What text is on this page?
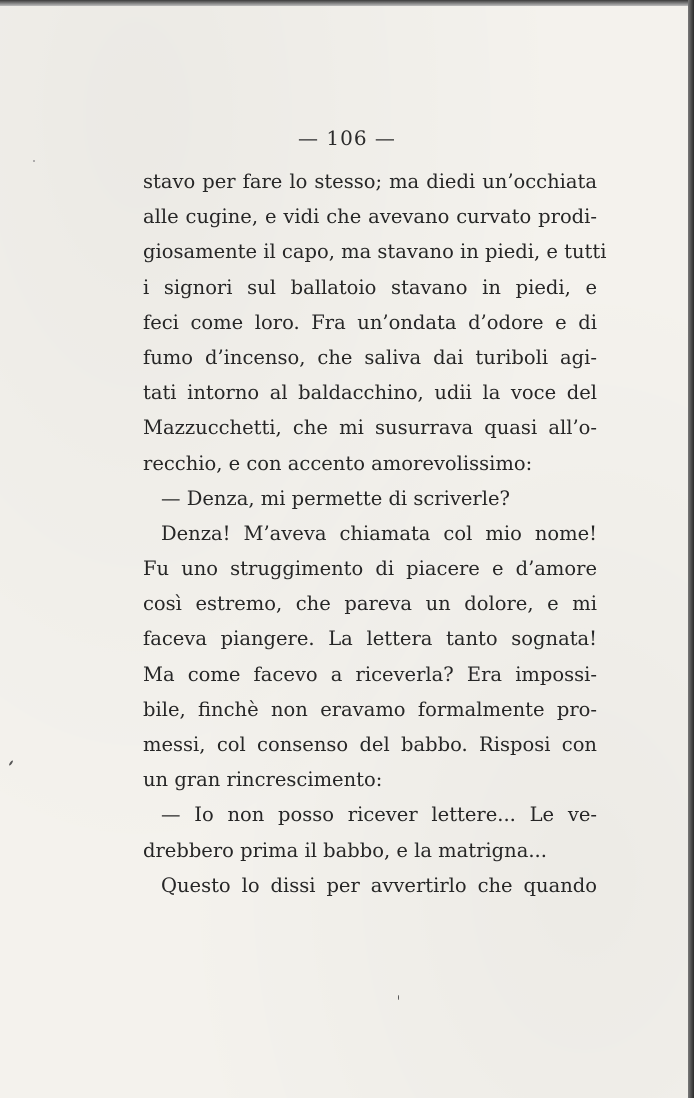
— 106 —
stavo per fare lo stesso; ma diedi un’occhiata
alle cugine, e vidi che avevano curvato prodi-
giosamente il capo, ma stavano in piedi, e tutti
i signori sul ballatoio stavano in piedi, e
feci come loro. Fra un’ondata d’odore e di
fumo d’incenso, che saliva dai turiboli agi-
tati intorno al baldacchino, udii la voce del
Mazzucchetti, che mi susurrava quasi all’o-
recchio, e con accento amorevolissimo:
— Denza, mi permette di scriverle?
Denza! M’aveva chiamata col mio nome!
Fu uno struggimento di piacere e d’amore
così estremo, che pareva un dolore, e mi
faceva piangere. La lettera tanto sognata!
Ma come facevo a riceverla? Era impossi-
bile, finchè non eravamo formalmente pro-
messi, col consenso del babbo. Risposi con
un gran rincrescimento:
— Io non posso ricever lettere... Le ve-
drebbero prima il babbo, e la matrigna...
Questo lo dissi per avvertirlo che quando
